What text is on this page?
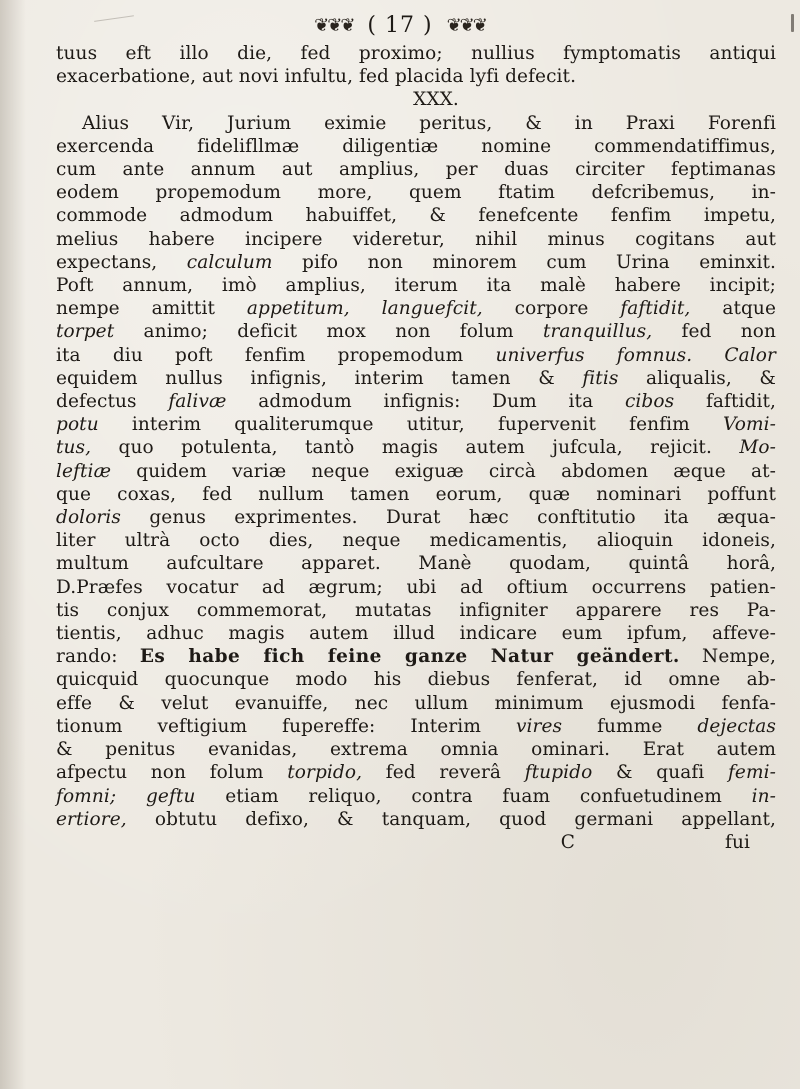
❦❦❦ ( 17 ) ❦❦❦
tuus eft illo die, fed proximo; nullius fymptomatis antiqui
exacerbatione, aut novi infultu, fed placida lyfi defecit.
XXX.
Alius Vir, Jurium eximie peritus, & in Praxi Forenfi
exercenda fidelifllmæ diligentiæ nomine commendatiffimus,
cum ante annum aut amplius, per duas circiter feptimanas
eodem propemodum more, quem ftatim defcribemus, in-
commode admodum habuiffet, & fenefcente fenfim impetu,
melius habere incipere videretur, nihil minus cogitans aut
expectans, calculum pifo non minorem cum Urina eminxit.
Poft annum, imò amplius, iterum ita malè habere incipit;
nempe amittit appetitum, languefcit, corpore faftidit, atque
torpet animo; deficit mox non folum tranquillus, fed non
ita diu poft fenfim propemodum univerfus fomnus. Calor
equidem nullus infignis, interim tamen & fitis aliqualis, &
defectus falivæ admodum infignis: Dum ita cibos faftidit,
potu interim qualiterumque utitur, fupervenit fenfim Vomi-
tus, quo potulenta, tantò magis autem jufcula, rejicit. Mo-
leftiæ quidem variæ neque exiguæ circà abdomen æque at-
que coxas, fed nullum tamen eorum, quæ nominari poffunt
doloris genus exprimentes. Durat hæc conftitutio ita æqua-
liter ultrà octo dies, neque medicamentis, alioquin idoneis,
multum aufcultare apparet. Manè quodam, quintâ horâ,
D.Præfes vocatur ad ægrum; ubi ad oftium occurrens patien-
tis conjux commemorat, mutatas infigniter apparere res Pa-
tientis, adhuc magis autem illud indicare eum ipfum, affeve-
rando: Es habe fich feine ganze Natur geändert. Nempe,
quicquid quocunque modo his diebus fenferat, id omne ab-
effe & velut evanuiffe, nec ullum minimum ejusmodi fenfa-
tionum veftigium fupereffe: Interim vires fumme dejectas
& penitus evanidas, extrema omnia ominari. Erat autem
afpectu non folum torpido, fed reverâ ftupido & quafi femi-
fomni; geftu etiam reliquo, contra fuam confuetudinem in-
ertiore, obtutu defixo, & tanquam, quod germani appellant,
C	fui
